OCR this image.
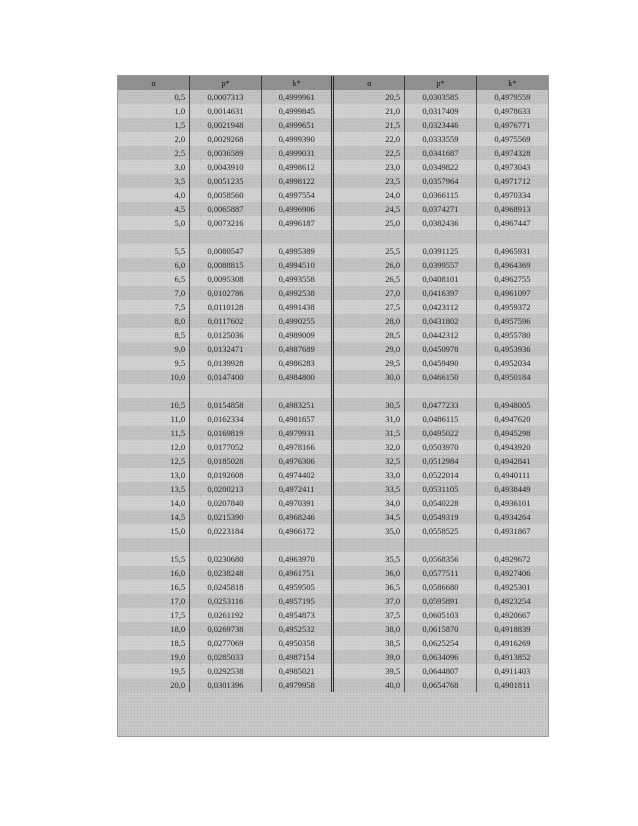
α	p*	k*	α	p*	k*
0,5	0,0007313	0,4999961	20,5	0,0303585	0,4979559
1,0	0,0014631	0,4999845	21,0	0,0317409	0,4978633
1,5	0,0021948	0,4999651	21,5	0,0323446	0,4976771
2,0	0,0029268	0,4999390	22,0	0,0333559	0,4975569
2,5	0,0036589	0,4999031	22,5	0,0341687	0,4974328
3,0	0,0043910	0,4998612	23,0	0,0349822	0,4973043
3,5	0,0051235	0,4998122	23,5	0,0357964	0,4971712
4,0	0,0058560	0,4997554	24,0	0,0366115	0,4970334
4,5	0,0065887	0,4996906	24,5	0,0374271	0,4968913
5,0	0,0073216	0,4996187	25,0	0,0382436	0,4967447

5,5	0,0080547	0,4995389	25,5	0,0391125	0,4965931
6,0	0,0088815	0,4994510	26,0	0,0399557	0,4964369
6,5	0,0095308	0,4993558	26,5	0,0408101	0,4962755
7,0	0,0102786	0,4992538	27,0	0,0416397	0,4961097
7,5	0,0110128	0,4991438	27,5	0,0423112	0,4959372
8,0	0,0117602	0,4990255	28,0	0,0431802	0,4957596
8,5	0,0125036	0,4989009	28,5	0,0442312	0,4955780
9,0	0,0132471	0,4987689	29,0	0,0450978	0,4953936
9,5	0,0139928	0,4986283	29,5	0,0459490	0,4952034
10,0	0,0147400	0,4984800	30,0	0,0466150	0,4950184

10,5	0,0154858	0,4983251	30,5	0,0477233	0,4948005
11,0	0,0162334	0,4981657	31,0	0,0486115	0,4947620
11,5	0,0169819	0,4979931	31,5	0,0495022	0,4945298
12,0	0,0177052	0,4978166	32,0	0,0503970	0,4943920
12,5	0,0185028	0,4976306	32,5	0,0512984	0,4942841
13,0	0,0192608	0,4974402	33,0	0,0522014	0,4940111
13,5	0,0200213	0,4972411	33,5	0,0531105	0,4938449
14,0	0,0207840	0,4970391	34,0	0,0540228	0,4936101
14,5	0,0215390	0,4968246	34,5	0,0549319	0,4934264
15,0	0,0223184	0,4966172	35,0	0,0558525	0,4931867

15,5	0,0230680	0,4963970	35,5	0,0568356	0,4929672
16,0	0,0238248	0,4961751	36,0	0,0577511	0,4927406
16,5	0,0245818	0,4959505	36,5	0,0586680	0,4925301
17,0	0,0253116	0,4957195	37,0	0,0595891	0,4923254
17,5	0,0261192	0,4954873	37,5	0,0605103	0,4920667
18,0	0,0269738	0,4952532	38,0	0,0615870	0,4918839
18,5	0,0277069	0,4950358	38,5	0,0625254	0,4916269
19,0	0,0285033	0,4987154	39,0	0,0634096	0,4913852
19,5	0,0292538	0,4985021	39,5	0,0644807	0,4911403
20,0	0,0301396	0,4979958	40,0	0,0654768	0,4901811
